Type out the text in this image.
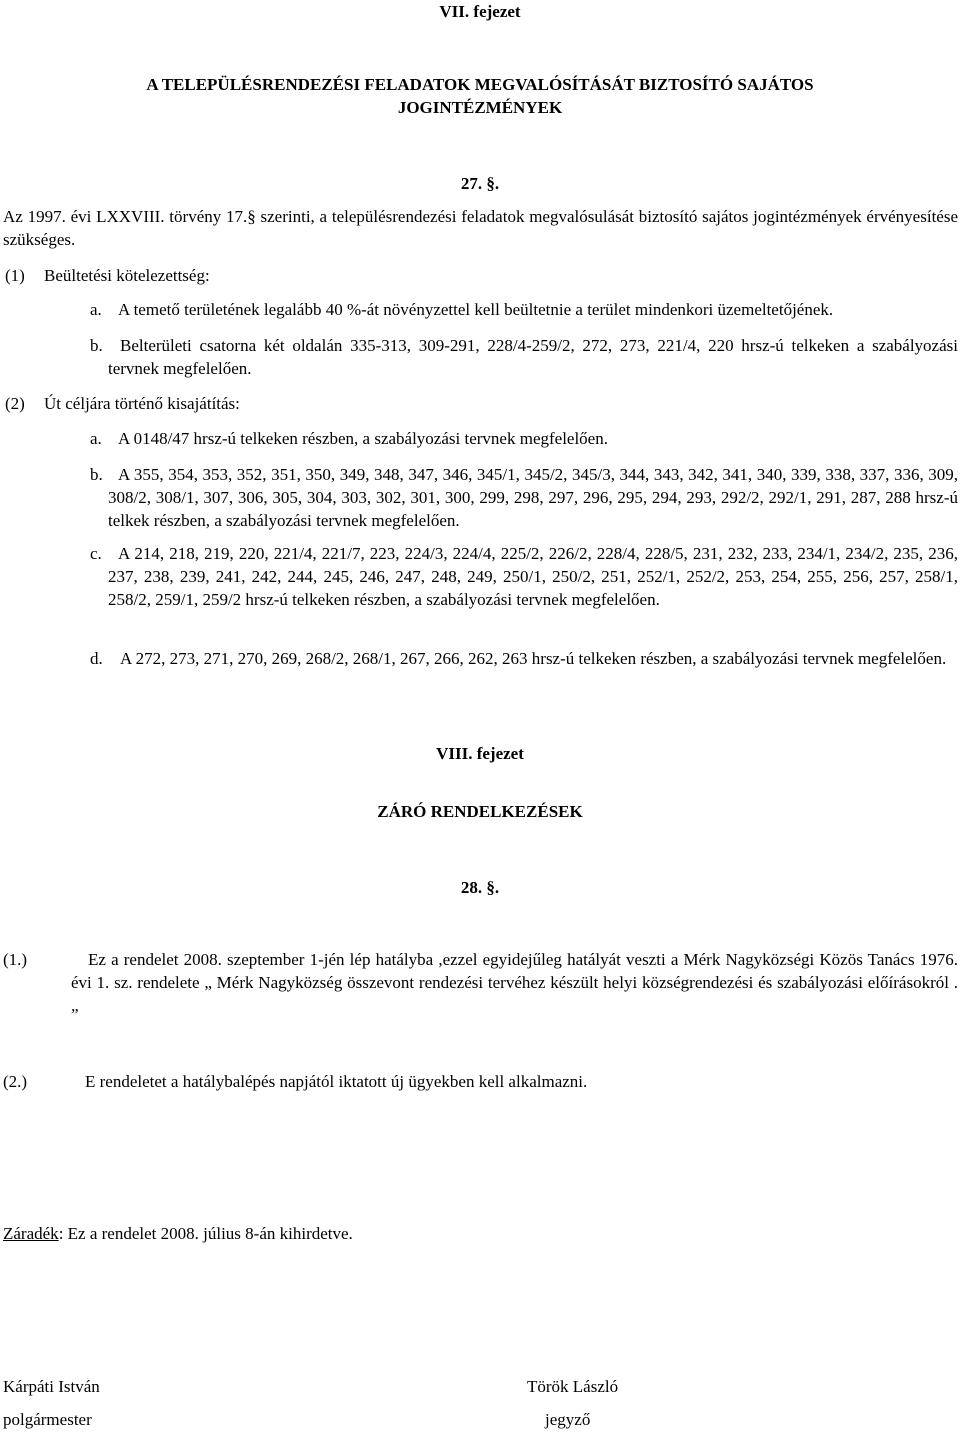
VII. fejezet
A TELEPÜLÉSRENDEZÉSI FELADATOK MEGVALÓSÍTÁSÁT BIZTOSÍTÓ SAJÁTOS
JOGINTÉZMÉNYEK
27. §.
Az 1997. évi LXXVIII. törvény 17.§ szerinti, a településrendezési feladatok megvalósulását biztosító sajátos jogintézmények érvényesítése szükséges.
(1) Beültetési kötelezettség:
a. A temető területének legalább 40 %-át növényzettel kell beültetnie a terület mindenkori üzemeltetőjének.
b.	Belterületi csatorna két oldalán 335-313, 309-291, 228/4-259/2, 272, 273, 221/4, 220 hrsz-ú telkeken a szabályozási tervnek megfelelően.
(2) Út céljára történő kisajátítás:
a. A 0148/47 hrsz-ú telkeken részben, a szabályozási tervnek megfelelően.
b. A 355, 354, 353, 352, 351, 350, 349, 348, 347, 346, 345/1, 345/2, 345/3, 344, 343, 342, 341, 340, 339, 338, 337, 336, 309, 308/2, 308/1, 307, 306, 305, 304, 303, 302, 301, 300, 299, 298, 297, 296, 295, 294, 293, 292/2, 292/1, 291, 287, 288 hrsz-ú telkek részben, a szabályozási tervnek megfelelően.
c. A 214, 218, 219, 220, 221/4, 221/7, 223, 224/3, 224/4, 225/2, 226/2, 228/4, 228/5, 231, 232, 233, 234/1, 234/2, 235, 236, 237, 238, 239, 241, 242, 244, 245, 246, 247, 248, 249, 250/1, 250/2, 251, 252/1, 252/2, 253, 254, 255, 256, 257, 258/1, 258/2, 259/1, 259/2 hrsz-ú telkeken részben, a szabályozási tervnek megfelelően.
d.	A 272, 273, 271, 270, 269, 268/2, 268/1, 267, 266, 262, 263 hrsz-ú telkeken részben, a szabályozási tervnek megfelelően.
VIII. fejezet
ZÁRÓ RENDELKEZÉSEK
28. §.
(1.)	Ez a rendelet 2008. szeptember 1-jén lép hatályba ,ezzel egyidejűleg hatályát veszti a Mérk Nagyközségi Közös Tanács 1976. évi 1. sz. rendelete „ Mérk Nagyközség összevont rendezési tervéhez készült helyi községrendezési és szabályozási előírásokról . „
(2.)	E rendeletet a hatálybalépés napjától iktatott új ügyekben kell alkalmazni.
Záradék: Ez a rendelet 2008. július 8-án kihirdetve.
Kárpáti István
polgármester
Török László
jegyző
